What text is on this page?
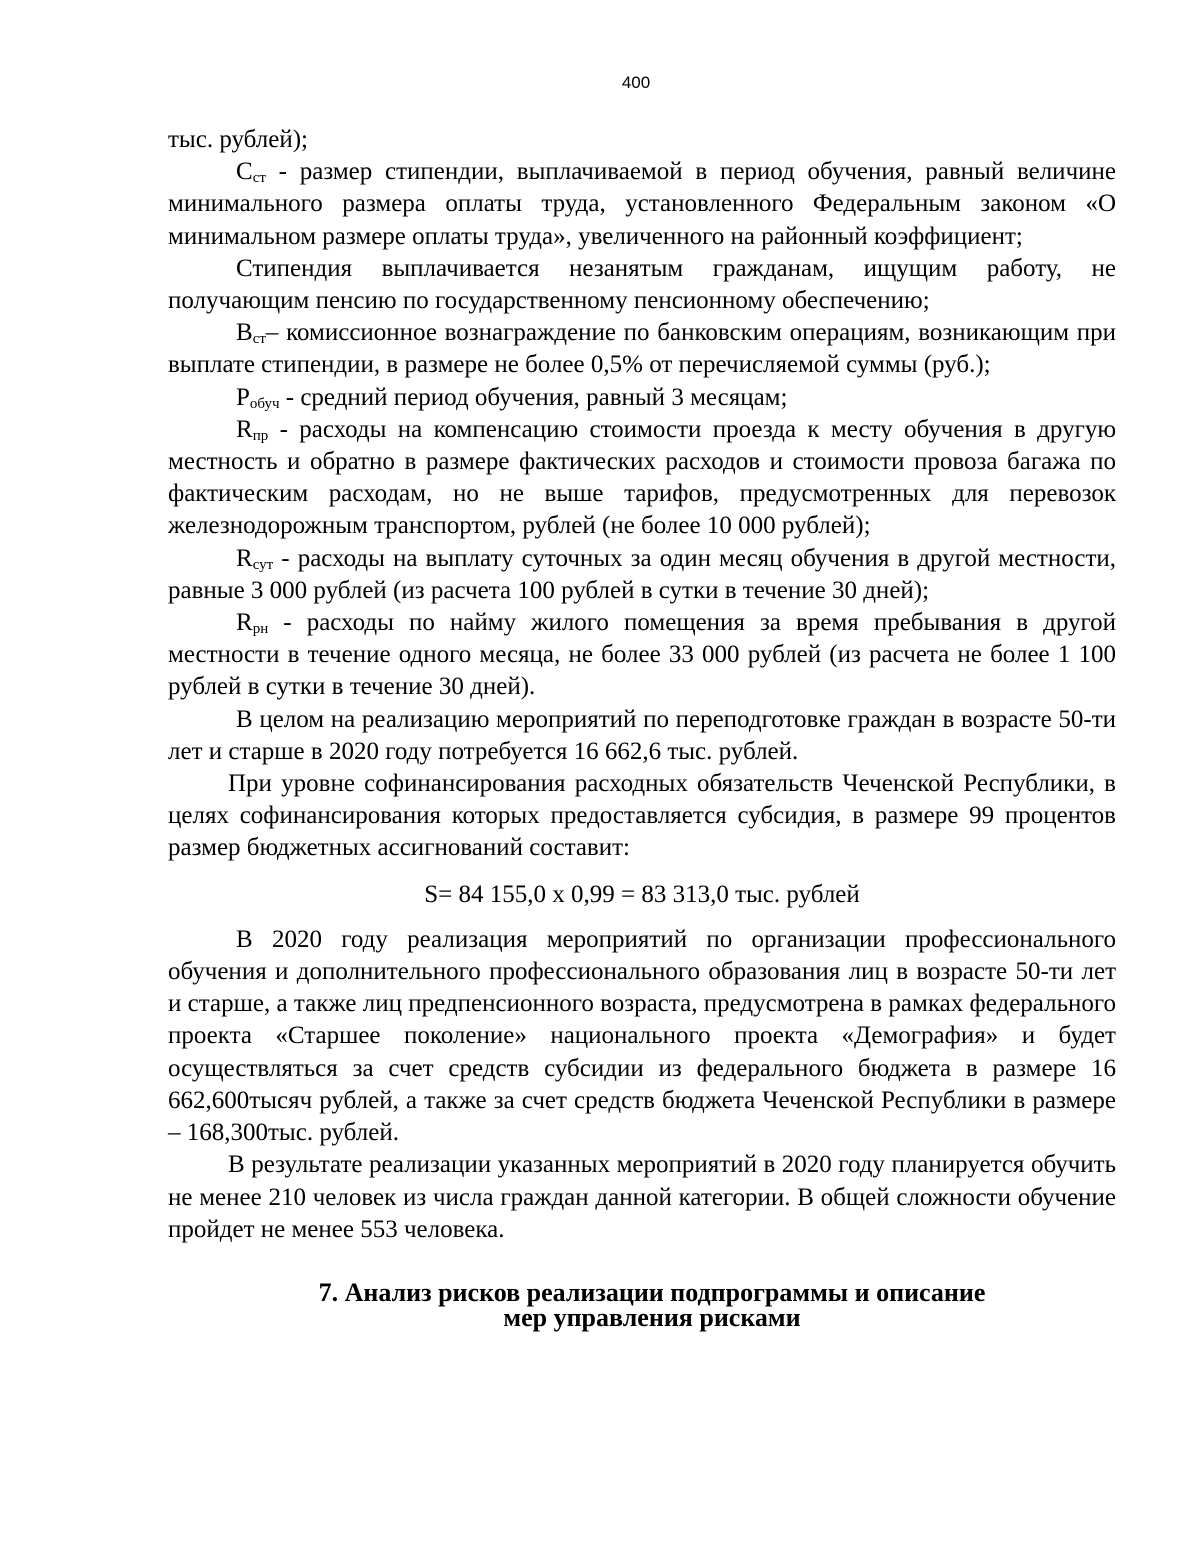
400

тыс. рублей);

$С_{ст}$ - размер стипендии, выплачиваемой в период обучения, равный величине минимального размера оплаты труда, установленного Федеральным законом «О минимальном размере оплаты труда», увеличенного на районный коэффициент;

Стипендия выплачивается незанятым гражданам, ищущим работу, не получающим пенсию по государственному пенсионному обеспечению;

$В_{ст}-$ комиссионное вознаграждение по банковским операциям, возникающим при выплате стипендии, в размере не более 0,5% от перечисляемой суммы (руб.);

$Р_{обуч}$ - средний период обучения, равный 3 месяцам;

$R_{пр}$ - расходы на компенсацию стоимости проезда к месту обучения в другую местность и обратно в размере фактических расходов и стоимости провоза багажа по фактическим расходам, но не выше тарифов, предусмотренных для перевозок железнодорожным транспортом, рублей (не более 10 000 рублей);

$R_{сут}$ - расходы на выплату суточных за один месяц обучения в другой местности, равные 3 000 рублей (из расчета 100 рублей в сутки в течение 30 дней);

$R_{рн}$ - расходы по найму жилого помещения за время пребывания в другой местности в течение одного месяца, не более 33 000 рублей (из расчета не более 1 100 рублей в сутки в течение 30 дней).

В целом на реализацию мероприятий по переподготовке граждан в возрасте 50-ти лет и старше в 2020 году потребуется 16 662,6 тыс. рублей.

При уровне софинансирования расходных обязательств Чеченской Республики, в целях софинансирования которых предоставляется субсидия, в размере 99 процентов размер бюджетных ассигнований составит:

S= 84 155,0 х 0,99 = 83 313,0 тыс. рублей

В 2020 году реализация мероприятий по организации профессионального обучения и дополнительного профессионального образования лиц в возрасте 50-ти лет и старше, а также лиц предпенсионного возраста, предусмотрена в рамках федерального проекта «Старшее поколение» национального проекта «Демография» и будет осуществляться за счет средств субсидии из федерального бюджета в размере 16 662,600тысяч рублей, а также за счет средств бюджета Чеченской Республики в размере – 168,300тыс. рублей.

В результате реализации указанных мероприятий в 2020 году планируется обучить не менее 210 человек из числа граждан данной категории. В общей сложности обучение пройдет не менее 553 человека.

7. Анализ рисков реализации подпрограммы и описание
мер управления рисками
